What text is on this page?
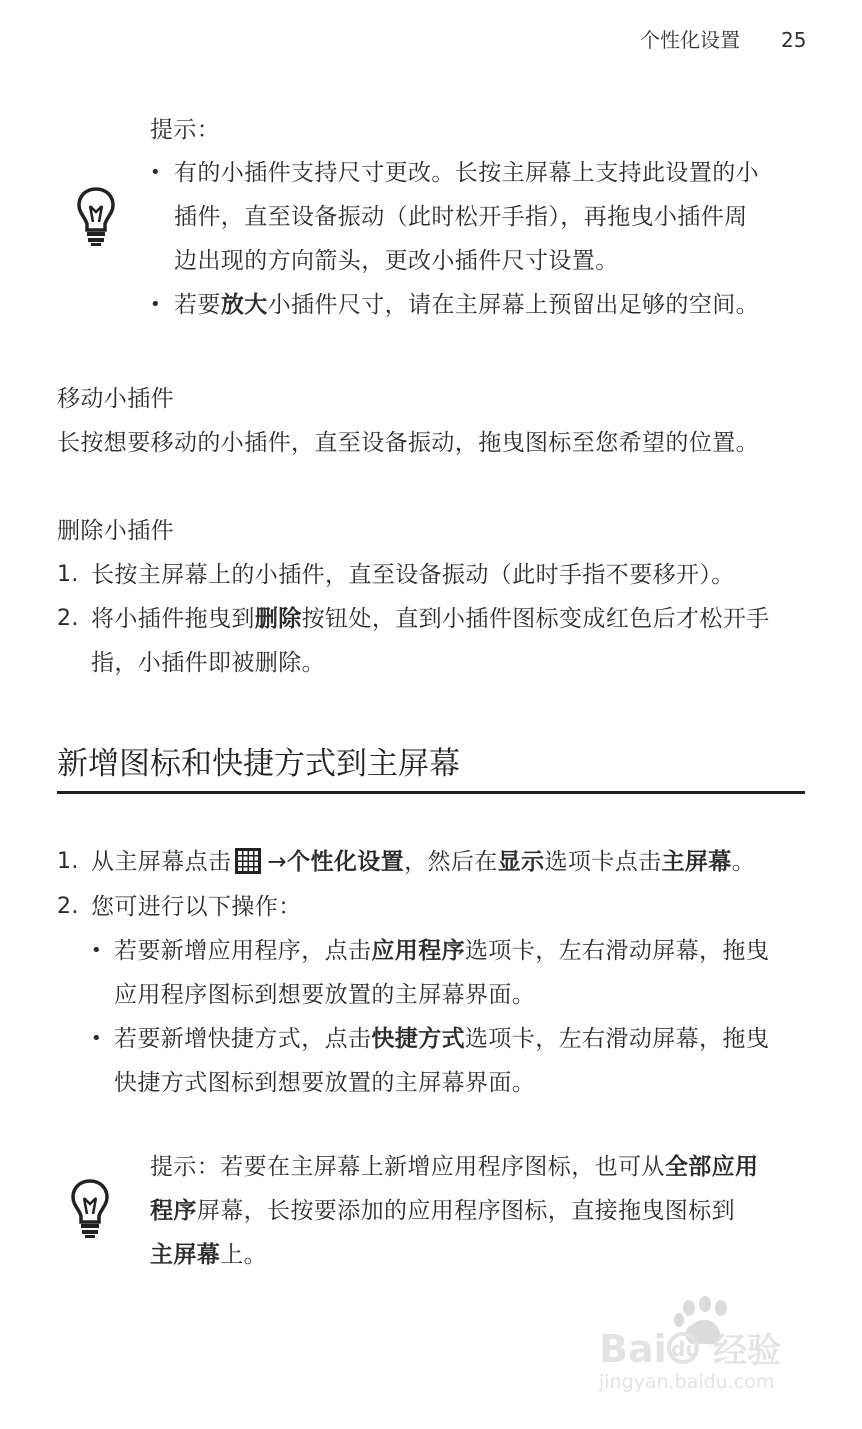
个性化设置 25
提示：
• 有的小插件支持尺寸更改。长按主屏幕上支持此设置的小
插件，直至设备振动（此时松开手指），再拖曳小插件周
边出现的方向箭头，更改小插件尺寸设置。
• 若要放大小插件尺寸，请在主屏幕上预留出足够的空间。
移动小插件
长按想要移动的小插件，直至设备振动，拖曳图标至您希望的位置。
删除小插件
1. 长按主屏幕上的小插件，直至设备振动（此时手指不要移开）。
2. 将小插件拖曳到删除按钮处，直到小插件图标变成红色后才松开手
指，小插件即被删除。
新增图标和快捷方式到主屏幕
1. 从主屏幕点击 →个性化设置，然后在显示选项卡点击主屏幕。
2. 您可进行以下操作：
• 若要新增应用程序，点击应用程序选项卡，左右滑动屏幕，拖曳
应用程序图标到想要放置的主屏幕界面。
• 若要新增快捷方式，点击快捷方式选项卡，左右滑动屏幕，拖曳
快捷方式图标到想要放置的主屏幕界面。
提示：若要在主屏幕上新增应用程序图标，也可从全部应用
程序屏幕，长按要添加的应用程序图标，直接拖曳图标到
主屏幕上。
Bai du 经验
jingyan.baidu.com
